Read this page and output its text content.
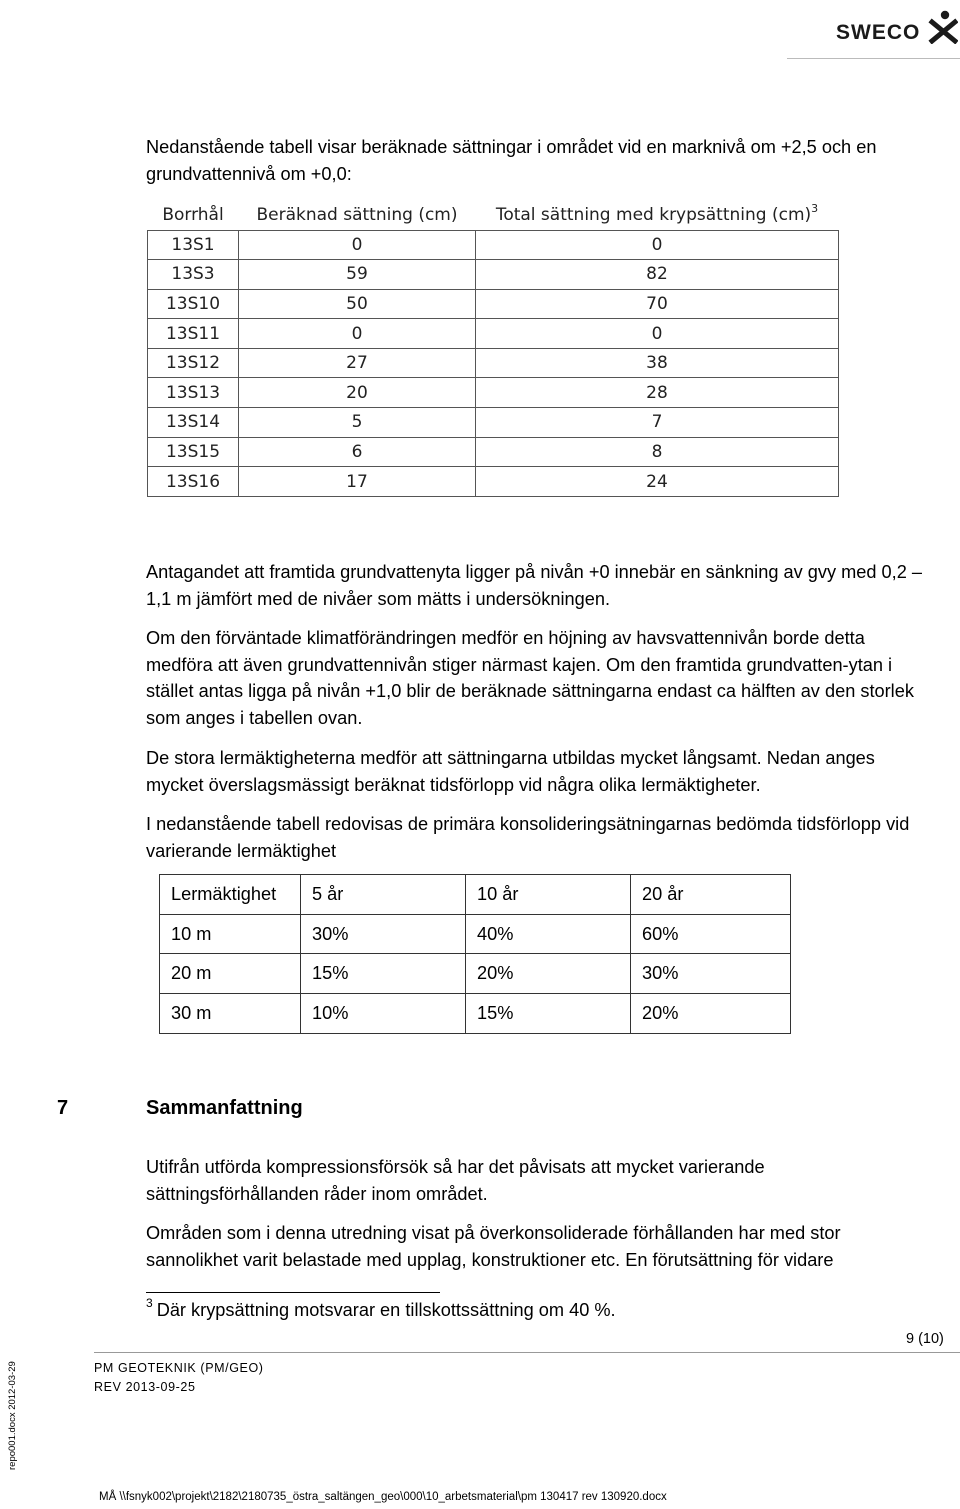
SWECO
Nedanstående tabell visar beräknade sättningar i området vid en marknivå om +2,5 och en grundvattennivå om +0,0:
Borrhål	Beräknad sättning (cm)	Total sättning med krypsättning (cm)$^3$
13S1	0	0
13S3	59	82
13S10	50	70
13S11	0	0
13S12	27	38
13S13	20	28
13S14	5	7
13S15	6	8
13S16	17	24
Antagandet att framtida grundvattenyta ligger på nivån +0 innebär en sänkning av gvy med 0,2 – 1,1 m jämfört med de nivåer som mätts i undersökningen.
Om den förväntade klimatförändringen medför en höjning av havsvattennivån borde detta medföra att även grundvattennivån stiger närmast kajen. Om den framtida grundvatten-ytan i stället antas ligga på nivån +1,0 blir de beräknade sättningarna endast ca hälften av den storlek som anges i tabellen ovan.
De stora lermäktigheterna medför att sättningarna utbildas mycket långsamt. Nedan anges mycket överslagsmässigt beräknat tidsförlopp vid några olika lermäktigheter.
I nedanstående tabell redovisas de primära konsolideringsätningarnas bedömda tidsförlopp vid varierande lermäktighet
Lermäktighet	5 år	10 år	20 år
10 m	30%	40%	60%
20 m	15%	20%	30%
30 m	10%	15%	20%
7	Sammanfattning
Utifrån utförda kompressionsförsök så har det påvisats att mycket varierande sättningsförhållanden råder inom området.
Områden som i denna utredning visat på överkonsoliderade förhållanden har med stor sannolikhet varit belastade med upplag, konstruktioner etc. En förutsättning för vidare
$^3$ Där krypsättning motsvarar en tillskottssättning om 40 %.
9 (10)
PM GEOTEKNIK (PM/GEO)
REV 2013-09-25
MÅ \\fsnyk002\projekt\2182\2180735_östra_saltängen_geo\000\10_arbetsmaterial\pm 130417 rev 130920.docx
repo001.docx 2012-03-29
